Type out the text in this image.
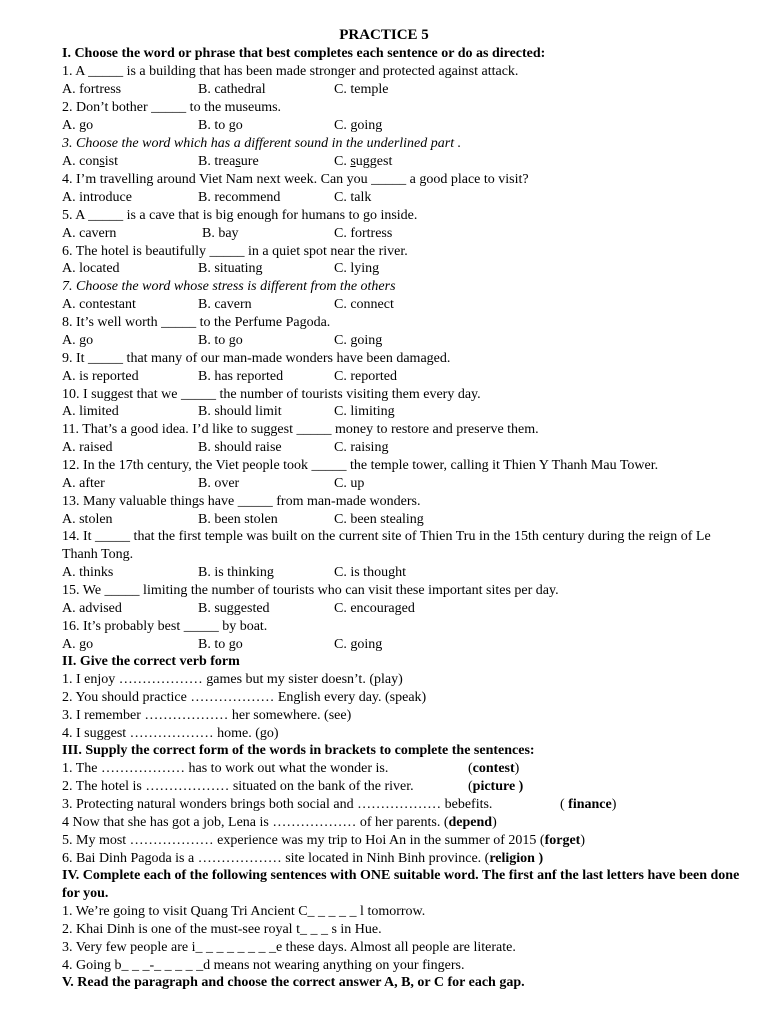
PRACTICE 5
I. Choose the word or phrase that best completes each sentence or do as directed:
1. A _____ is a building that has been made stronger and protected against attack.
A. fortress	B. cathedral	C. temple
2. Don’t bother _____ to the museums.
A. go	B. to go	C. going
3. Choose the word which has a different sound in the underlined part .
A. consist	B. treasure	C. suggest
4. I’m travelling around Viet Nam next week. Can you _____ a good place to visit?
A. introduce	B. recommend	C. talk
5. A _____ is a cave that is big enough for humans to go inside.
A. cavern	B. bay	C. fortress
6. The hotel is beautifully _____ in a quiet spot near the river.
A. located	B. situating	C. lying
7. Choose the word whose stress is different from the others
A. contestant	B. cavern	C. connect
8. It’s well worth _____ to the Perfume Pagoda.
A. go	B. to go	C. going
9. It _____ that many of our man-made wonders have been damaged.
A. is reported	B. has reported	C. reported
10. I suggest that we _____ the number of tourists visiting them every day.
A. limited	B. should limit	C. limiting
11. That’s a good idea. I’d like to suggest _____ money to restore and preserve them.
A. raised	B. should raise	C. raising
12. In the 17th century, the Viet people took _____ the temple tower, calling it Thien Y Thanh Mau Tower.
A. after	B. over	C. up
13. Many valuable things have _____ from man-made wonders.
A. stolen	B. been stolen	C. been stealing
14. It _____ that the first temple was built on the current site of Thien Tru in the 15th century during the reign of Le Thanh Tong.
A. thinks	B. is thinking	C. is thought
15. We _____ limiting the number of tourists who can visit these important sites per day.
A. advised	B. suggested	C. encouraged
16. It’s probably best _____ by boat.
A. go	B. to go	C. going
II. Give the correct verb form
1. I enjoy ……………… games but my sister doesn’t. (play)
2. You should practice ……………… English every day. (speak)
3. I remember ……………… her somewhere. (see)
4. I suggest ……………… home. (go)
III. Supply the correct form of the words in brackets to complete the sentences:
1. The ……………… has to work out what the wonder is.	(contest)
2. The hotel is ……………… situated on the bank of the river.	(picture )
3. Protecting natural wonders brings both social and ……………… bebefits.	( finance)
4 Now that she has got a job, Lena is ……………… of her parents. (depend)
5. My most ……………… experience was my trip to Hoi An in the summer of 2015 (forget)
6. Bai Dinh Pagoda is a ……………… site located in Ninh Binh province. (religion )
IV. Complete each of the following sentences with ONE suitable word. The first anf the last letters have been done for you.
1. We’re going to visit Quang Tri Ancient C_ _ _ _ _ l tomorrow.
2. Khai Dinh is one of the must-see royal t_ _ _ s in Hue.
3. Very few people are i_ _ _ _ _ _ _ _e these days. Almost all people are literate.
4. Going b_ _ _-_ _ _ _ _d means not wearing anything on your fingers.
V. Read the paragraph and choose the correct answer A, B, or C for each gap.
